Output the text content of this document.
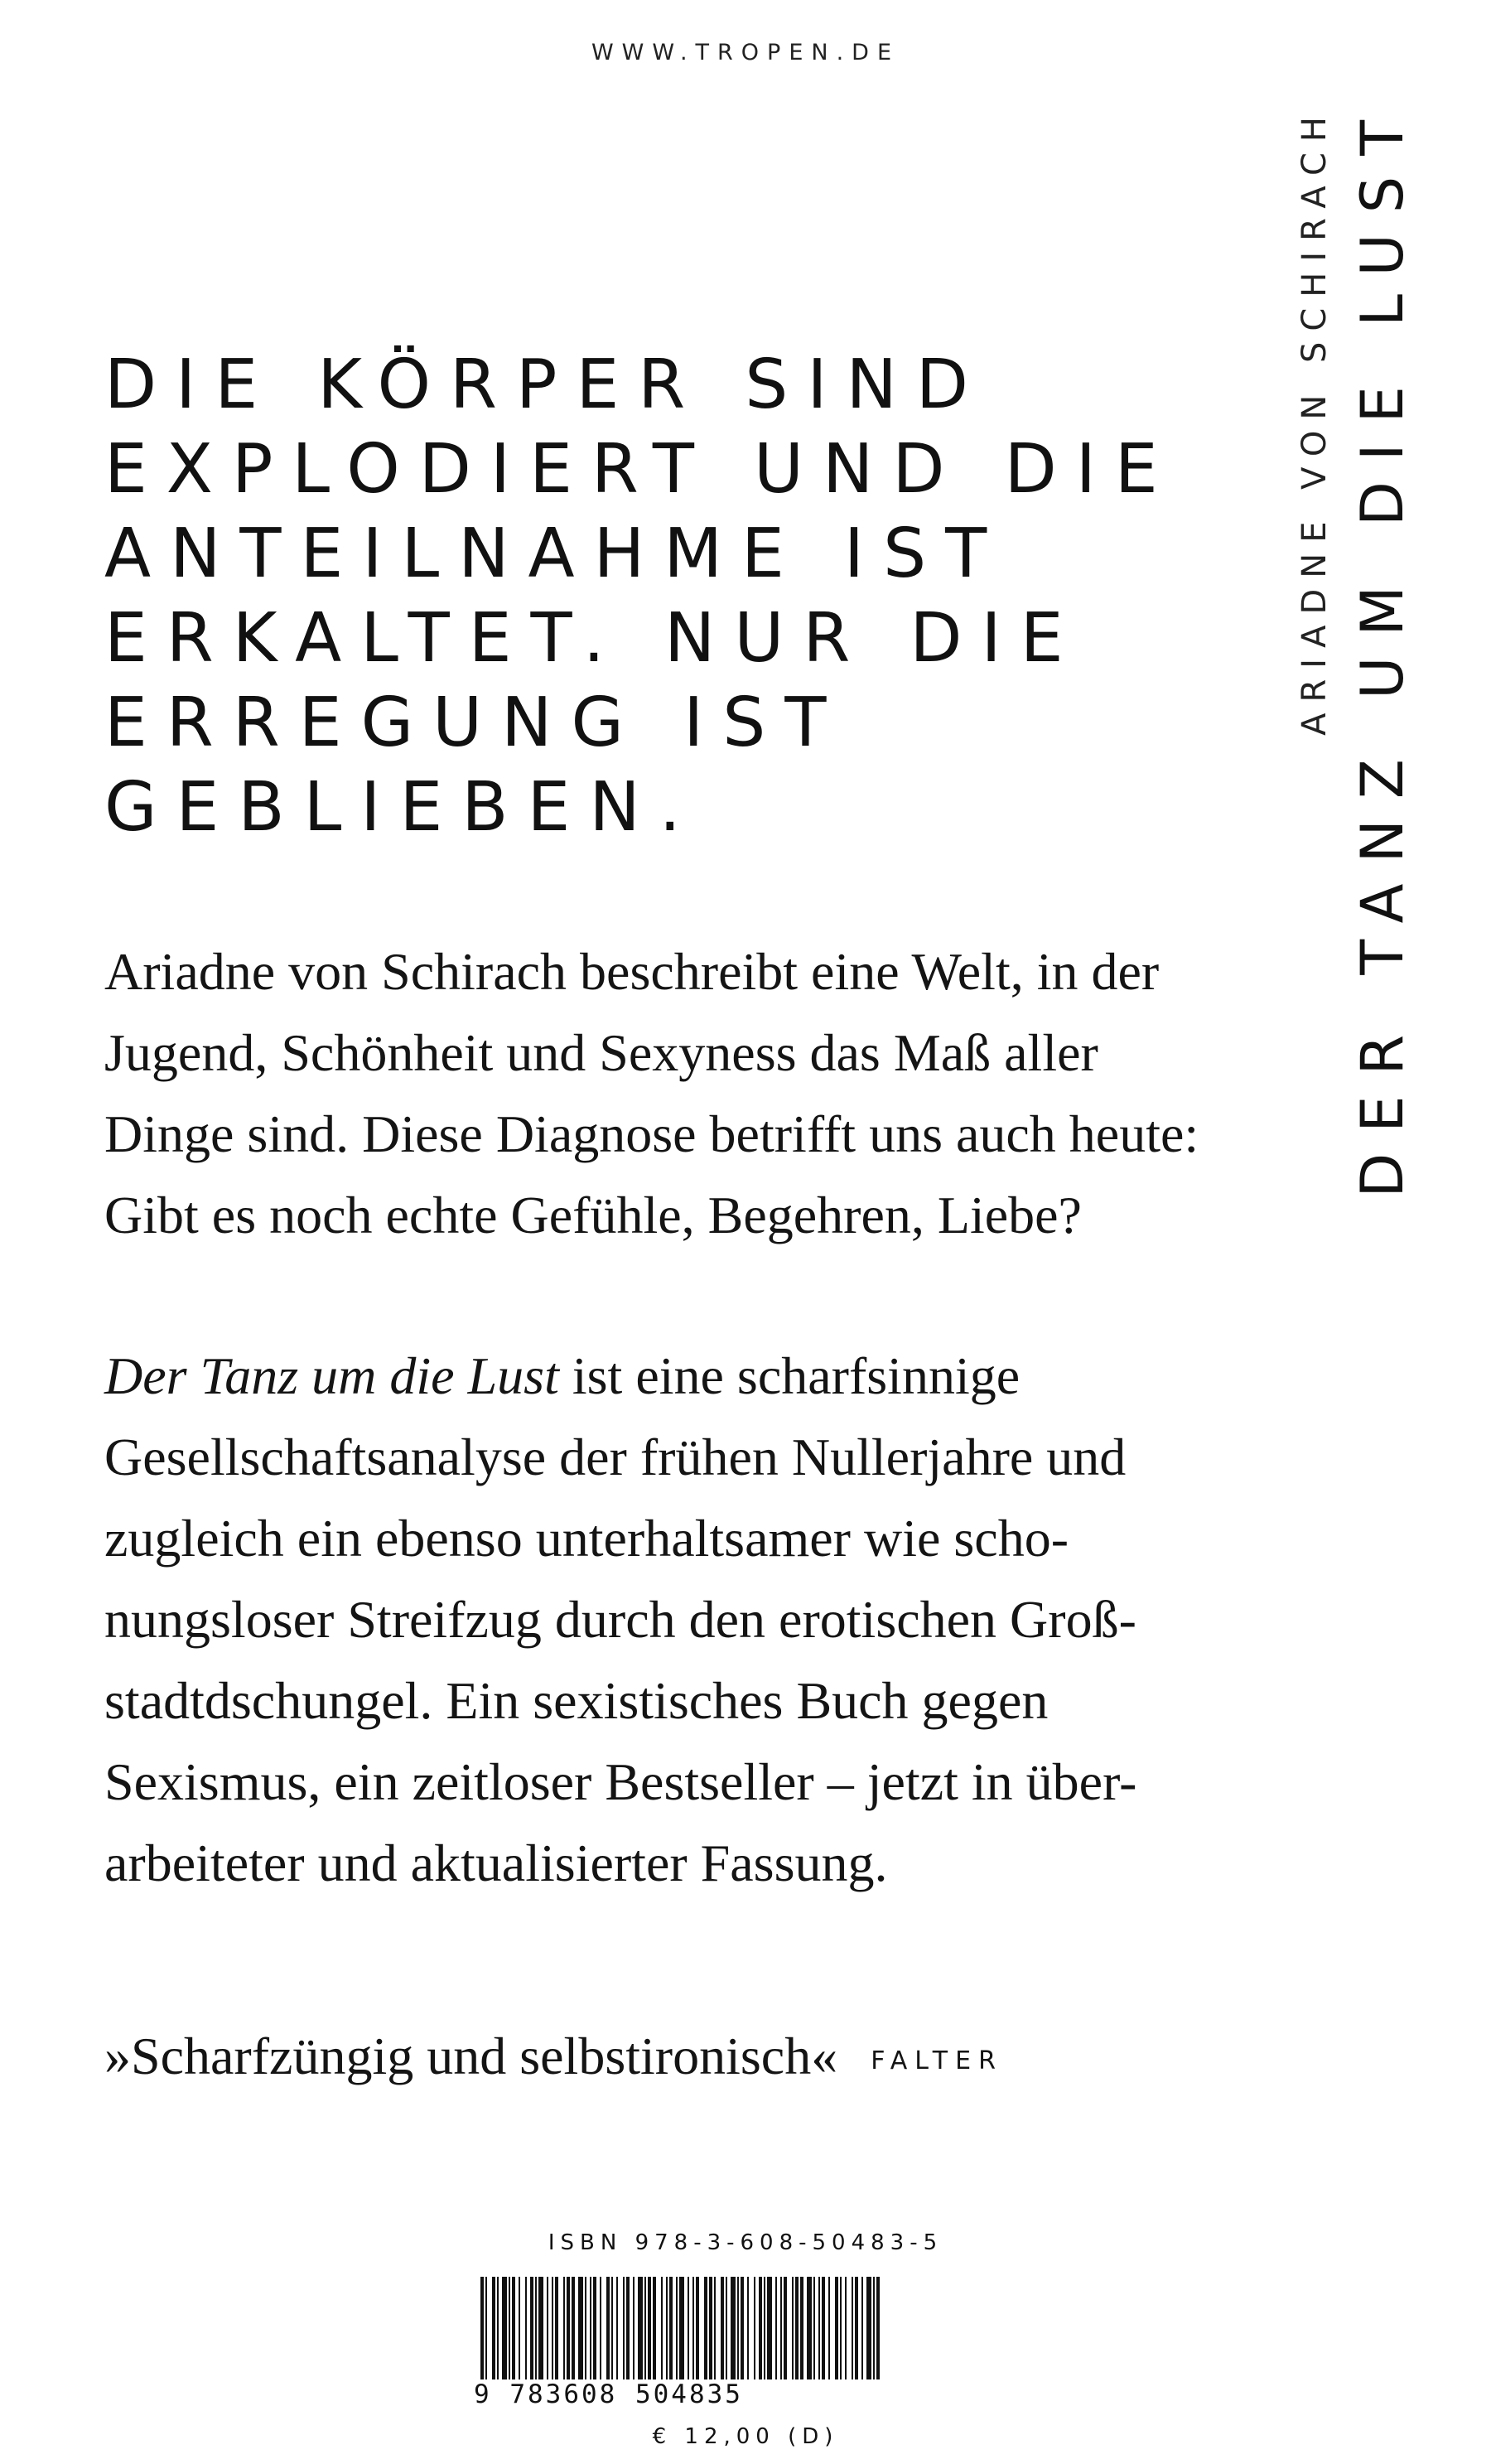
WWW.TROPEN.DE
DIE KÖRPER SIND
EXPLODIERT UND DIE
ANTEILNAHME IST
ERKALTET. NUR DIE
ERREGUNG IST
GEBLIEBEN.

Ariadne von Schirach beschreibt eine Welt, in der
Jugend, Schönheit und Sexyness das Maß aller
Dinge sind. Diese Diagnose betrifft uns auch heute:
Gibt es noch echte Gefühle, Begehren, Liebe?

Der Tanz um die Lust ist eine scharfsinnige
Gesellschaftsanalyse der frühen Nullerjahre und
zugleich ein ebenso unterhaltsamer wie scho-
nungsloser Streifzug durch den erotischen Groß-
stadtdschungel. Ein sexistisches Buch gegen
Sexismus, ein zeitloser Bestseller – jetzt in über-
arbeiteter und aktualisierter Fassung.

»Scharfzüngig und selbstironisch« FALTER
ARIADNE VON SCHIRACH DER TANZ UM DIE LUST
ISBN 978-3-608-50483-5
9 783608 504835
€ 12,00 (D)
